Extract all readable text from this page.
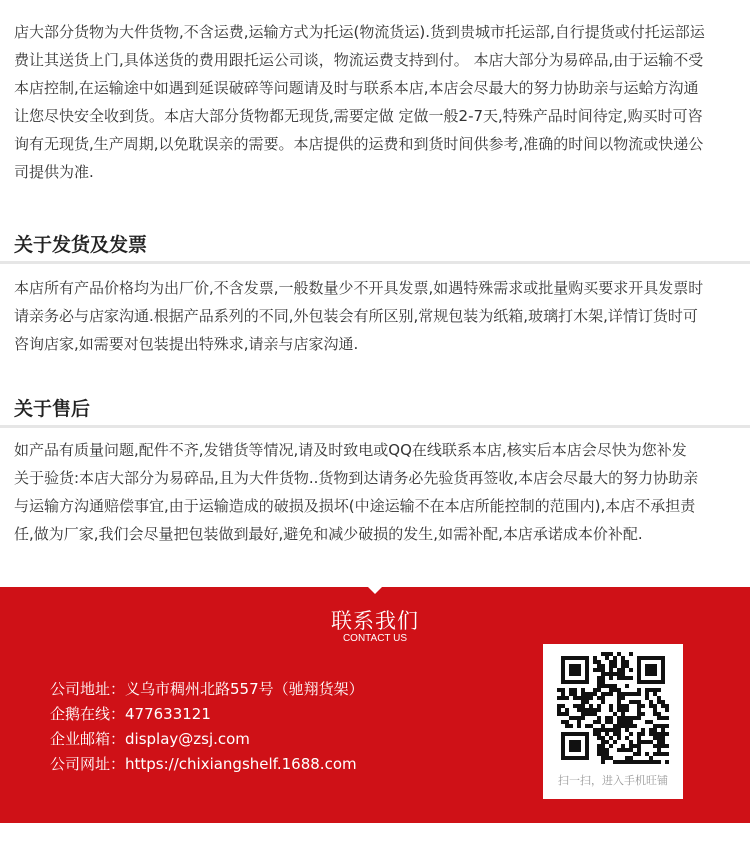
店大部分货物为大件货物,不含运费,运输方式为托运(物流货运).货到贵城市托运部,自行提货或付托运部运

费让其送货上门,具体送货的费用跟托运公司谈，物流运费支持到付。 本店大部分为易碎品,由于运输不受

本店控制,在运输途中如遇到延误破碎等问题请及时与联系本店,本店会尽最大的努力协助亲与运蛤方沟通

让您尽快安全收到货。本店大部分货物都无现货,需要定做 定做一般2-7天,特殊产品时间待定,购买时可咨

询有无现货,生产周期,以免耽误亲的需要。本店提供的运费和到货时间供参考,准确的时间以物流或快递公

司提供为准.

关于发货及发票

本店所有产品价格均为出厂价,不含发票,一般数量少不开具发票,如遇特殊需求或批量购买要求开具发票时

请亲务必与店家沟通.根据产品系列的不同,外包装会有所区别,常规包装为纸箱,玻璃打木架,详情订货时可

咨询店家,如需要对包装提出特殊求,请亲与店家沟通.

关于售后

如产品有质量问题,配件不齐,发错货等情况,请及时致电或QQ在线联系本店,核实后本店会尽快为您补发

关于验货:本店大部分为易碎品,且为大件货物..货物到达请务必先验货再签收,本店会尽最大的努力协助亲

与运输方沟通赔偿事宜,由于运输造成的破损及损坏(中途运输不在本店所能控制的范围内),本店不承担责

任,做为厂家,我们会尽量把包装做到最好,避免和减少破损的发生,如需补配,本店承诺成本价补配.

联系我们
CONTACT US
公司地址：义乌市稠州北路557号（驰翔货架）
企鹅在线：477633121
企业邮箱：display@zsj.com
公司网址：https://chixiangshelf.1688.com
扫一扫，进入手机旺铺
